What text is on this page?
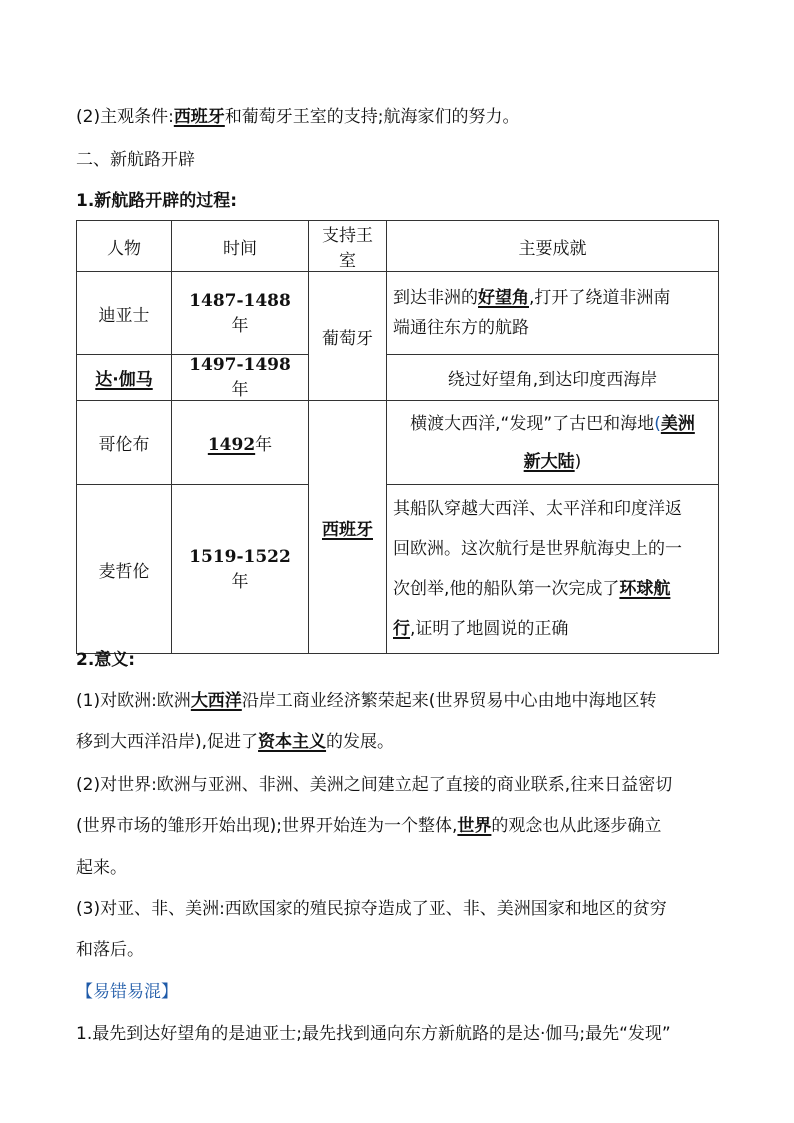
(2)主观条件:西班牙和葡萄牙王室的支持;航海家们的努力。
二、新航路开辟
1.新航路开辟的过程:
人物	时间	支持王室	主要成就
迪亚士	1487-1488 年	葡萄牙	到达非洲的好望角,打开了绕道非洲南
端通往东方的航路
达·伽马	1497-1498 年		绕过好望角,到达印度西海岸
哥伦布	1492年	西班牙	横渡大西洋,“发现”了古巴和海地(美洲
新大陆)
麦哲伦	1519-1522 年		其船队穿越大西洋、太平洋和印度洋返
回欧洲。这次航行是世界航海史上的一
次创举,他的船队第一次完成了环球航
行,证明了地圆说的正确
2.意义:
(1)对欧洲:欧洲大西洋沿岸工商业经济繁荣起来(世界贸易中心由地中海地区转
移到大西洋沿岸),促进了资本主义的发展。
(2)对世界:欧洲与亚洲、非洲、美洲之间建立起了直接的商业联系,往来日益密切
(世界市场的雏形开始出现);世界开始连为一个整体,世界的观念也从此逐步确立
起来。
(3)对亚、非、美洲:西欧国家的殖民掠夺造成了亚、非、美洲国家和地区的贫穷
和落后。
【易错易混】
1.最先到达好望角的是迪亚士;最先找到通向东方新航路的是达·伽马;最先“发现”
